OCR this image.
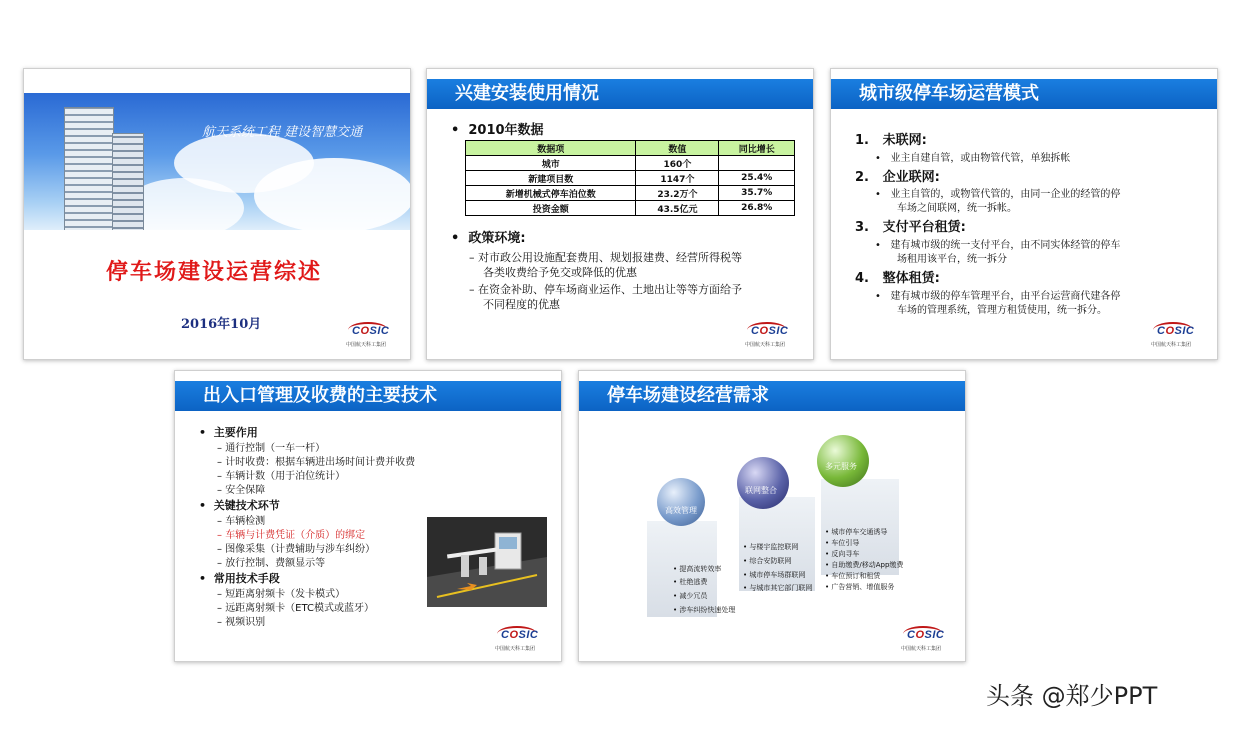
航天系统工程 建设智慧交通
停车场建设运营综述
2016年10月	COSIC
中国航天科工集团
兴建安装使用情况
•  2010年数据
数据项	数值	同比增长
城市	160个	
新建项目数	1147个	25.4%
新增机械式停车泊位数	23.2万个	35.7%
投资金额	43.5亿元	26.8%
•  政策环境:
– 对市政公用设施配套费用、规划报建费、经营所得税等
各类收费给予免交或降低的优惠
– 在资金补助、停车场商业运作、土地出让等等方面给予
不同程度的优惠
COSIC
中国航天科工集团
城市级停车场运营模式
1. 未联网:
•   业主自建自管，或由物管代管，单独拆帐
2. 企业联网:
•   业主自管的，或物管代管的，由同一企业的经管的停
车场之间联网，统一拆帐。
3. 支付平台租赁:
•   建有城市级的统一支付平台，由不同实体经管的停车
场租用该平台，统一拆分
4. 整体租赁:
•   建有城市级的停车管理平台，由平台运营商代建各停
车场的管理系统，管理方租赁使用，统一拆分。
COSIC
中国航天科工集团
出入口管理及收费的主要技术
•  主要作用
– 通行控制（一车一杆）
– 计时收费：根据车辆进出场时间计费并收费
– 车辆计数（用于泊位统计）
– 安全保障
•  关键技术环节
– 车辆检测
– 车辆与计费凭证（介质）的绑定
– 图像采集（计费辅助与涉车纠纷）
– 放行控制、费额显示等
•  常用技术手段
– 短距离射频卡（发卡模式）
– 远距离射频卡（ETC模式或蓝牙）
– 视频识别
COSIC
中国航天科工集团
停车场建设经营需求
高效管理
联网整合
多元服务
• 提高流转效率
• 杜绝逃费
• 减少冗员
• 涉车纠纷快速处理
• 与楼宇监控联网
• 综合安防联网
• 城市停车场群联网
• 与城市其它部门联网
• 城市停车交通诱导
• 车位引导
• 反向寻车
• 自助缴费/移动App缴费
• 车位预订和租赁
• 广告营销、增值服务
COSIC
中国航天科工集团
头条 @郑少PPT
